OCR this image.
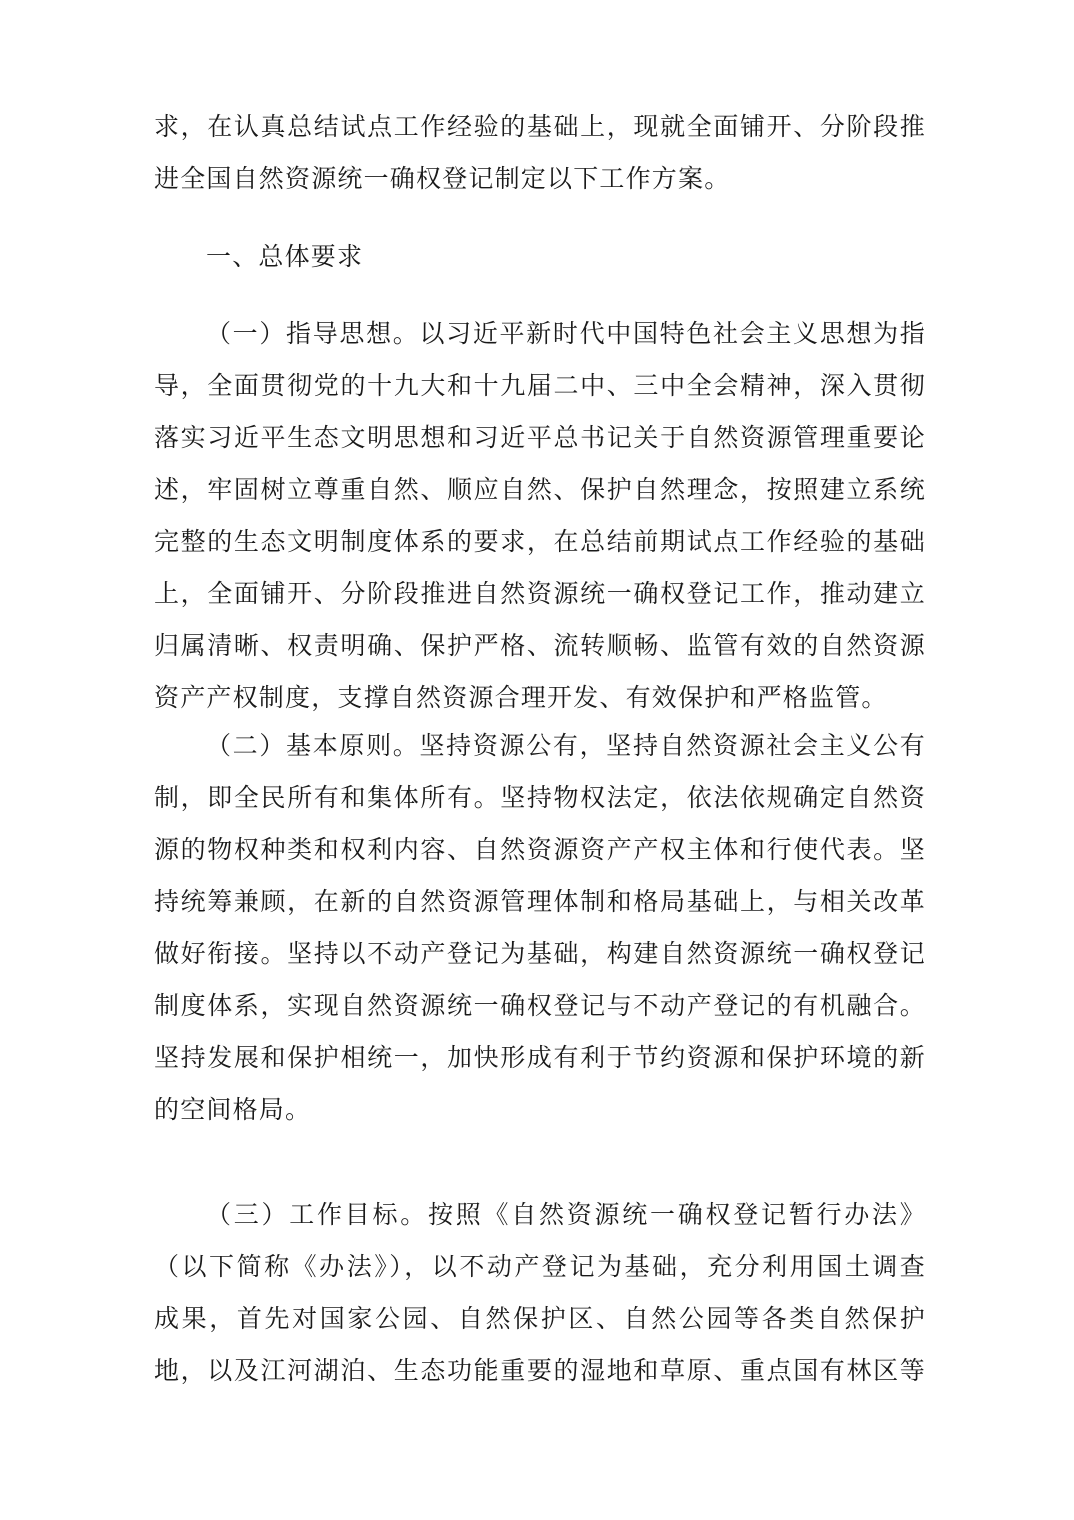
求，在认真总结试点工作经验的基础上，现就全面铺开、分阶段推
进全国自然资源统一确权登记制定以下工作方案。
一、总体要求
（一）指导思想。以习近平新时代中国特色社会主义思想为指
导，全面贯彻党的十九大和十九届二中、三中全会精神，深入贯彻
落实习近平生态文明思想和习近平总书记关于自然资源管理重要论
述，牢固树立尊重自然、顺应自然、保护自然理念，按照建立系统
完整的生态文明制度体系的要求，在总结前期试点工作经验的基础
上，全面铺开、分阶段推进自然资源统一确权登记工作，推动建立
归属清晰、权责明确、保护严格、流转顺畅、监管有效的自然资源
资产产权制度，支撑自然资源合理开发、有效保护和严格监管。
（二）基本原则。坚持资源公有，坚持自然资源社会主义公有
制，即全民所有和集体所有。坚持物权法定，依法依规确定自然资
源的物权种类和权利内容、自然资源资产产权主体和行使代表。坚
持统筹兼顾，在新的自然资源管理体制和格局基础上，与相关改革
做好衔接。坚持以不动产登记为基础，构建自然资源统一确权登记
制度体系，实现自然资源统一确权登记与不动产登记的有机融合。
坚持发展和保护相统一，加快形成有利于节约资源和保护环境的新
的空间格局。
（三）工作目标。按照《自然资源统一确权登记暂行办法》
（以下简称《办法》），以不动产登记为基础，充分利用国土调查
成果，首先对国家公园、自然保护区、自然公园等各类自然保护
地，以及江河湖泊、生态功能重要的湿地和草原、重点国有林区等
